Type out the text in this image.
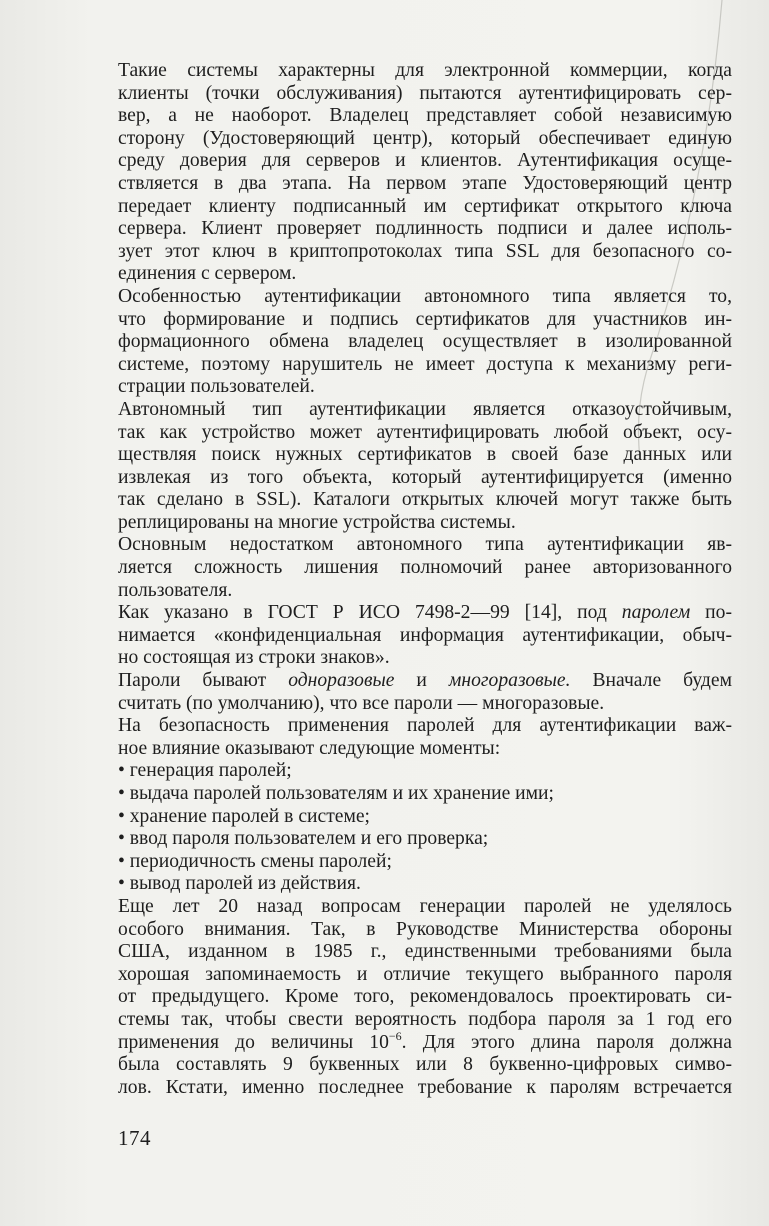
Такие системы характерны для электронной коммерции, когда
клиенты (точки обслуживания) пытаются аутентифицировать сер-
вер, а не наоборот. Владелец представляет собой независимую
сторону (Удостоверяющий центр), который обеспечивает единую
среду доверия для серверов и клиентов. Аутентификация осуще-
ствляется в два этапа. На первом этапе Удостоверяющий центр
передает клиенту подписанный им сертификат открытого ключа
сервера. Клиент проверяет подлинность подписи и далее исполь-
зует этот ключ в криптопротоколах типа SSL для безопасного со-
единения с сервером.

Особенностью аутентификации автономного типа является то,
что формирование и подпись сертификатов для участников ин-
формационного обмена владелец осуществляет в изолированной
системе, поэтому нарушитель не имеет доступа к механизму реги-
страции пользователей.

Автономный тип аутентификации является отказоустойчивым,
так как устройство может аутентифицировать любой объект, осу-
ществляя поиск нужных сертификатов в своей базе данных или
извлекая из того объекта, который аутентифицируется (именно
так сделано в SSL). Каталоги открытых ключей могут также быть
реплицированы на многие устройства системы.

Основным недостатком автономного типа аутентификации яв-
ляется сложность лишения полномочий ранее авторизованного
пользователя.

Как указано в ГОСТ Р ИСО 7498-2—99 [14], под паролем по-
нимается «конфиденциальная информация аутентификации, обыч-
но состоящая из строки знаков».

Пароли бывают одноразовые и многоразовые. Вначале будем
считать (по умолчанию), что все пароли — многоразовые.

На безопасность применения паролей для аутентификации важ-
ное влияние оказывают следующие моменты:

• генерация паролей;
• выдача паролей пользователям и их хранение ими;
• хранение паролей в системе;
• ввод пароля пользователем и его проверка;
• периодичность смены паролей;
• вывод паролей из действия.

Еще лет 20 назад вопросам генерации паролей не уделялось
особого внимания. Так, в Руководстве Министерства обороны
США, изданном в 1985 г., единственными требованиями была
хорошая запоминаемость и отличие текущего выбранного пароля
от предыдущего. Кроме того, рекомендовалось проектировать си-
стемы так, чтобы свести вероятность подбора пароля за 1 год его
применения до величины $10^{-6}$. Для этого длина пароля должна
была составлять 9 буквенных или 8 буквенно-цифровых симво-
лов. Кстати, именно последнее требование к паролям встречается

174
